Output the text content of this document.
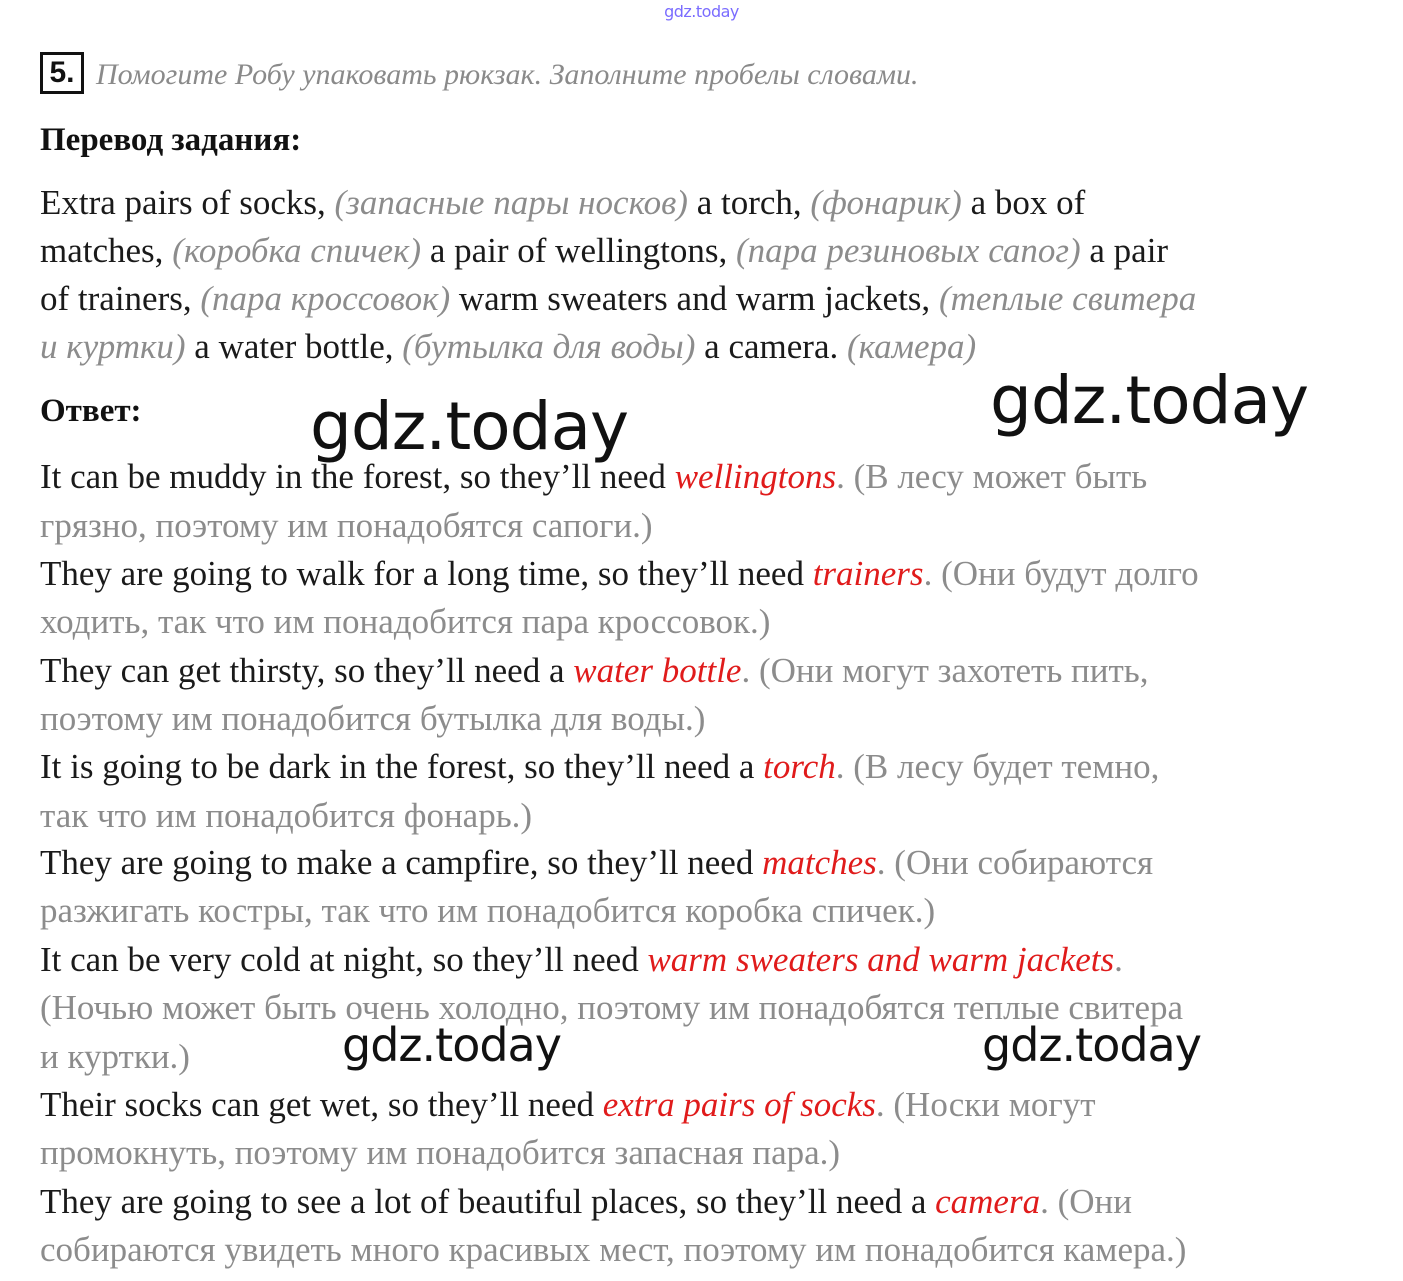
gdz.today
5. Помогите Робу упаковать рюкзак. Заполните пробелы словами.
Перевод задания:
Extra pairs of socks, (запасные пары носков) a torch, (фонарик) a box of
matches, (коробка спичек) a pair of wellingtons, (пара резиновых сапог) a pair
of trainers, (пара кроссовок) warm sweaters and warm jackets, (теплые свитера
и куртки) a water bottle, (бутылка для воды) a camera. (камера)
Ответ:
It can be muddy in the forest, so they’ll need wellingtons. (В лесу может быть
грязно, поэтому им понадобятся сапоги.)
They are going to walk for a long time, so they’ll need trainers. (Они будут долго
ходить, так что им понадобится пара кроссовок.)
They can get thirsty, so they’ll need a water bottle. (Они могут захотеть пить,
поэтому им понадобится бутылка для воды.)
It is going to be dark in the forest, so they’ll need a torch. (В лесу будет темно,
так что им понадобится фонарь.)
They are going to make a campfire, so they’ll need matches. (Они собираются
разжигать костры, так что им понадобится коробка спичек.)
It can be very cold at night, so they’ll need warm sweaters and warm jackets.
(Ночью может быть очень холодно, поэтому им понадобятся теплые свитера
и куртки.)
Their socks can get wet, so they’ll need extra pairs of socks. (Носки могут
промокнуть, поэтому им понадобится запасная пара.)
They are going to see a lot of beautiful places, so they’ll need a camera. (Они
собираются увидеть много красивых мест, поэтому им понадобится камера.)
gdz.today	gdz.today
gdz.today	gdz.today
